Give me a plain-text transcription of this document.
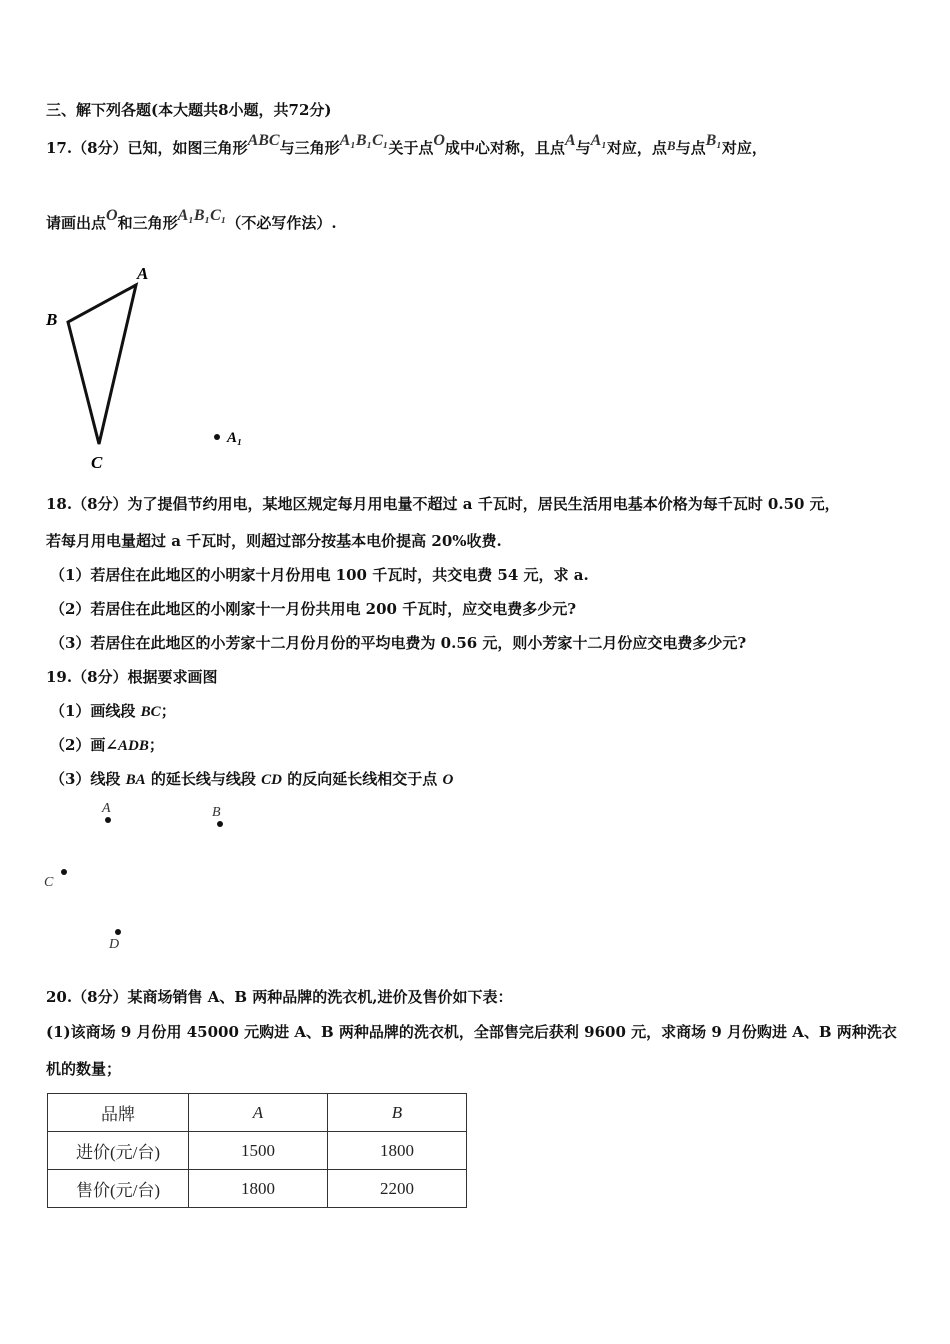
三、解下列各题(本大题共8小题，共72分)
17.（8分）已知，如图三角形ABC与三角形A₁B₁C₁关于点O成中心对称，且点A与A₁对应，点B与点B₁对应，
请画出点O和三角形A₁B₁C₁（不必写作法）.
A
B
C
A₁
18.（8分）为了提倡节约用电，某地区规定每月用电量不超过 a 千瓦时，居民生活用电基本价格为每千瓦时 0.50 元，
若每月用电量超过 a 千瓦时，则超过部分按基本电价提高 20%收费.
（1）若居住在此地区的小明家十月份用电 100 千瓦时，共交电费 54 元，求 a.
（2）若居住在此地区的小刚家十一月份共用电 200 千瓦时，应交电费多少元?
（3）若居住在此地区的小芳家十二月份月份的平均电费为 0.56 元，则小芳家十二月份应交电费多少元?
19.（8分）根据要求画图
（1）画线段 BC；
（2）画∠ADB；
（3）线段 BA 的延长线与线段 CD 的反向延长线相交于点 O
A	B
C
D
20.（8分）某商场销售 A、B 两种品牌的洗衣机,进价及售价如下表：
(1)该商场 9 月份用 45000 元购进 A、B 两种品牌的洗衣机，全部售完后获利 9600 元，求商场 9 月份购进 A、B 两种洗衣
机的数量；
品牌	A	B
进价(元/台)	1500	1800
售价(元/台)	1800	2200
